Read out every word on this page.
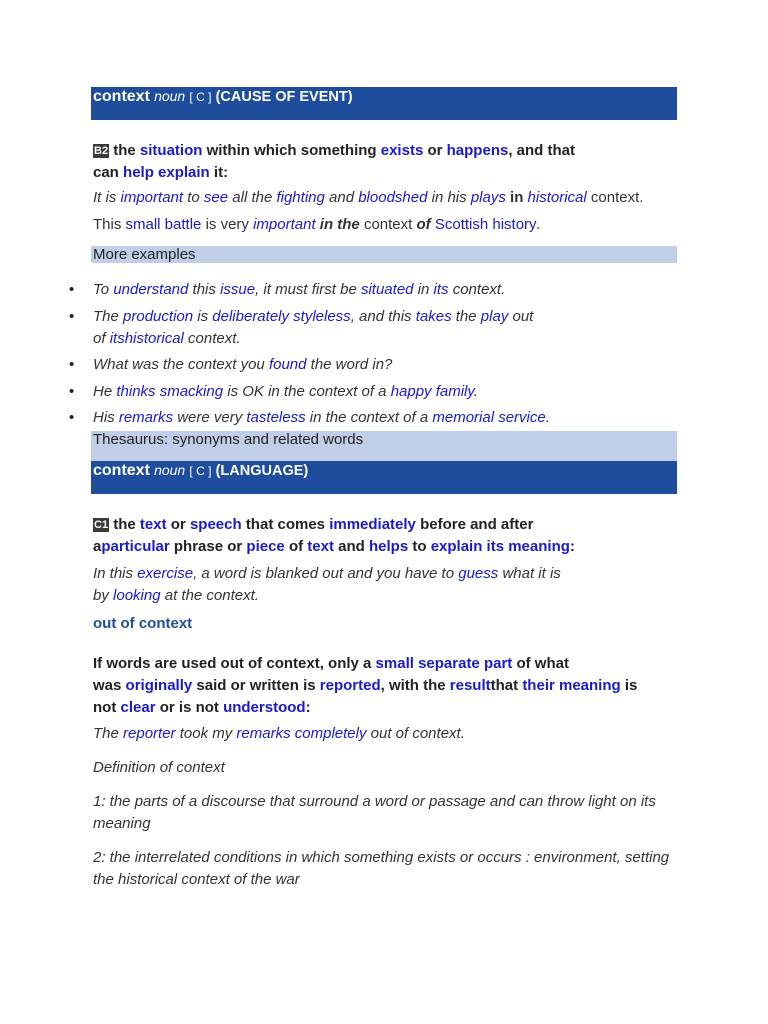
context noun [ C ] (CAUSE OF EVENT)
B2 the situation within which something exists or happens, and that
can help explain it:
It is important to see all the fighting and bloodshed in his plays in historical context.
This small battle is very important in the context of Scottish history.
More examples
• To understand this issue, it must first be situated in its context.
• The production is deliberately styleless, and this takes the play out
of itshistorical context.
• What was the context you found the word in?
• He thinks smacking is OK in the context of a happy family.
• His remarks were very tasteless in the context of a memorial service.
Thesaurus: synonyms and related words
context noun [ C ] (LANGUAGE)
C1 the text or speech that comes immediately before and after
aparticular phrase or piece of text and helps to explain its meaning:
In this exercise, a word is blanked out and you have to guess what it is
by looking at the context.
out of context
If words are used out of context, only a small separate part of what
was originally said or written is reported, with the resultthat their meaning is
not clear or is not understood:
The reporter took my remarks completely out of context.
Definition of context
1: the parts of a discourse that surround a word or passage and can throw light on its meaning
2: the interrelated conditions in which something exists or occurs : environment, setting the historical context of the war
